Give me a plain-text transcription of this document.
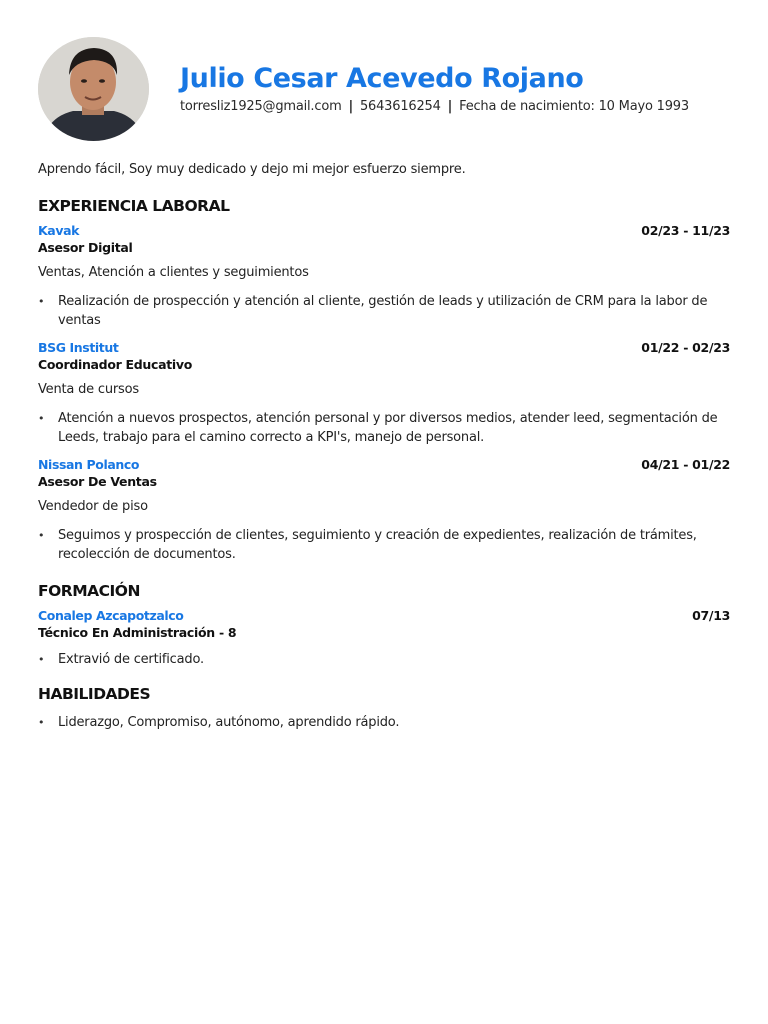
Julio Cesar Acevedo Rojano
torresliz1925@gmail.com | 5643616254 | Fecha de nacimiento: 10 Mayo 1993

Aprendo fácil, Soy muy dedicado y dejo mi mejor esfuerzo siempre.

EXPERIENCIA LABORAL
Kavak	02/23 - 11/23
Asesor Digital
Ventas, Atención a clientes y seguimientos
• Realización de prospección y atención al cliente, gestión de leads y utilización de CRM para la labor de ventas
BSG Institut	01/22 - 02/23
Coordinador Educativo
Venta de cursos
• Atención a nuevos prospectos, atención personal y por diversos medios, atender leed, segmentación de Leeds, trabajo para el camino correcto a KPI's, manejo de personal.
Nissan Polanco	04/21 - 01/22
Asesor De Ventas
Vendedor de piso
• Seguimos y prospección de clientes, seguimiento y creación de expedientes, realización de trámites, recolección de documentos.
FORMACIÓN
Conalep Azcapotzalco	07/13
Técnico En Administración - 8
• Extravió de certificado.
HABILIDADES
• Liderazgo, Compromiso, autónomo, aprendido rápido.
